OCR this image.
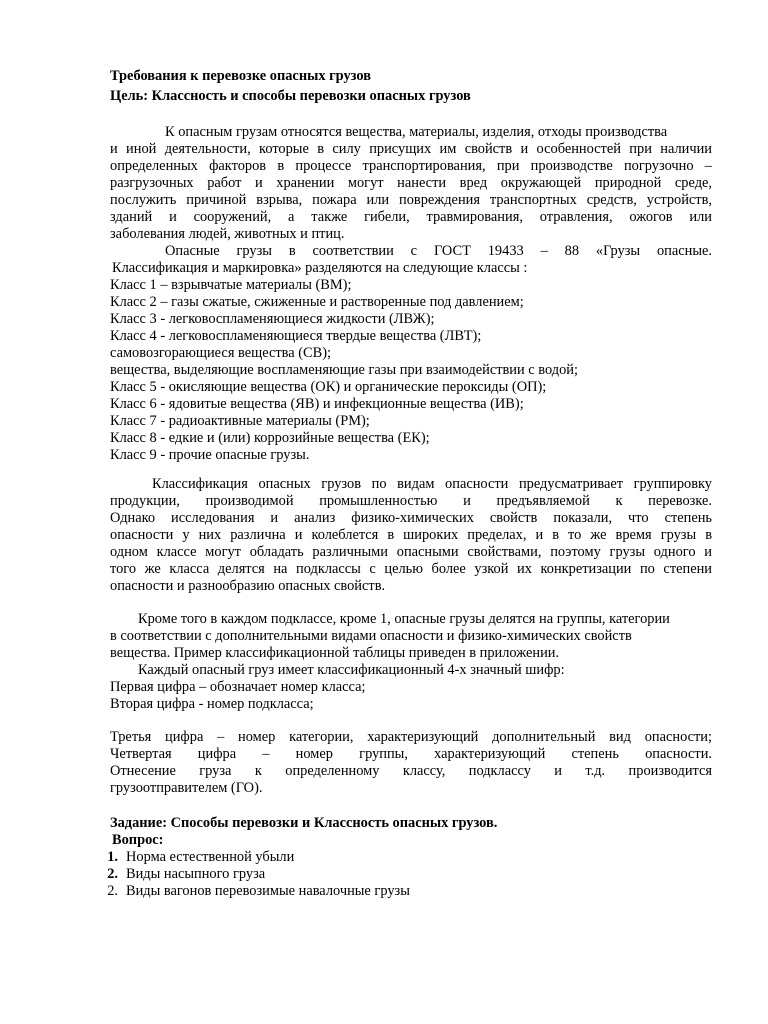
Требования к перевозке опасных грузов
Цель: Классность и способы перевозки опасных грузов
К опасным грузам относятся вещества, материалы, изделия, отходы производства
и иной деятельности, которые в силу присущих им свойств и особенностей при наличии
определенных факторов в процессе транспортирования, при производстве погрузочно –
разгрузочных работ и хранении могут нанести вред окружающей природной среде,
послужить причиной взрыва, пожара или повреждения транспортных средств, устройств,
зданий и сооружений, а также гибели, травмирования, отравления, ожогов или
заболевания людей, животных и птиц.
Опасные грузы в соответствии с ГОСТ 19433 – 88 «Грузы опасные.
Классификация и маркировка» разделяются на следующие классы :
Класс 1 – взрывчатые материалы (ВМ);
Класс 2 – газы сжатые, сжиженные и растворенные под давлением;
Класс 3 - легковоспламеняющиеся жидкости (ЛВЖ);
Класс 4 - легковоспламеняющиеся твердые вещества (ЛВТ);
самовозгорающиеся вещества (СВ);
вещества, выделяющие воспламеняющие газы при взаимодействии с водой;
Класс 5 - окисляющие вещества (ОК) и органические пероксиды (ОП);
Класс 6 - ядовитые вещества (ЯВ) и инфекционные вещества (ИВ);
Класс 7 - радиоактивные материалы (РМ);
Класс 8 - едкие и (или) коррозийные вещества (ЕК);
Класс 9 - прочие опасные грузы.
Классификация опасных грузов по видам опасности предусматривает группировку
продукции, производимой промышленностью и предъявляемой к перевозке.
Однако исследования и анализ физико-химических свойств показали, что степень
опасности у них различна и колеблется в широких пределах, и в то же время грузы в
одном классе могут обладать различными опасными свойствами, поэтому грузы одного и
того же класса делятся на подклассы с целью более узкой их конкретизации по степени
опасности и разнообразию опасных свойств.
Кроме того в каждом подклассе, кроме 1, опасные грузы делятся на группы, категории
в соответствии с дополнительными видами опасности и физико-химических свойств
вещества. Пример классификационной таблицы приведен в приложении.
Каждый опасный груз имеет классификационный 4-х значный шифр:
Первая цифра – обозначает номер класса;
Вторая цифра - номер подкласса;
Третья цифра – номер категории, характеризующий дополнительный вид опасности;
Четвертая цифра – номер группы, характеризующий степень опасности.
Отнесение груза к определенному классу, подклассу и т.д. производится
грузоотправителем (ГО).
Задание: Способы перевозки и Классность опасных грузов.
Вопрос:
1. Норма естественной убыли
2. Виды насыпного груза
2. Виды вагонов перевозимые навалочные грузы
